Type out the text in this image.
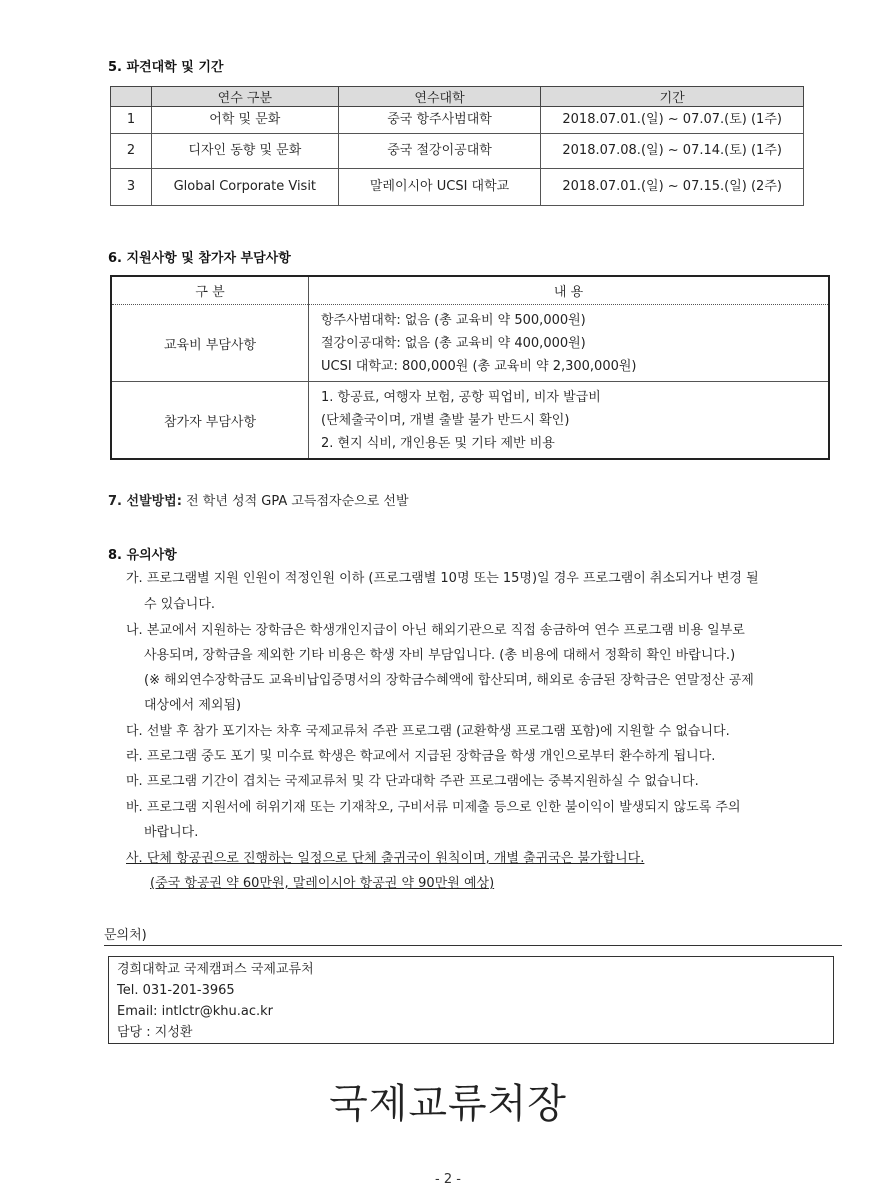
5. 파견대학 및 기간
	연수 구분	연수대학	기간
1	어학 및 문화	중국 항주사범대학	2018.07.01.(일) ~ 07.07.(토) (1주)
2	디자인 동향 및 문화	중국 절강이공대학	2018.07.08.(일) ~ 07.14.(토) (1주)
3	Global Corporate Visit	말레이시아 UCSI 대학교	2018.07.01.(일) ~ 07.15.(일) (2주)
6. 지원사항 및 참가자 부담사항
구 분	내 용
교육비 부담사항	항주사범대학: 없음 (총 교육비 약 500,000원)
절강이공대학: 없음 (총 교육비 약 400,000원)
UCSI 대학교: 800,000원 (총 교육비 약 2,300,000원)

참가자 부담사항	1. 항공료, 여행자 보험, 공항 픽업비, 비자 발급비
(단체출국이며, 개별 출발 불가 반드시 확인)
2. 현지 식비, 개인용돈 및 기타 제반 비용
7. 선발방법: 전 학년 성적 GPA 고득점자순으로 선발
8. 유의사항
가. 프로그램별 지원 인원이 적정인원 이하 (프로그램별 10명 또는 15명)일 경우 프로그램이 취소되거나 변경 될
수 있습니다.
나. 본교에서 지원하는 장학금은 학생개인지급이 아닌 해외기관으로 직접 송금하여 연수 프로그램 비용 일부로
사용되며, 장학금을 제외한 기타 비용은 학생 자비 부담입니다. (총 비용에 대해서 정확히 확인 바랍니다.)
(※ 해외연수장학금도 교육비납입증명서의 장학금수혜액에 합산되며, 해외로 송금된 장학금은 연말정산 공제
대상에서 제외됨)
다. 선발 후 참가 포기자는 차후 국제교류처 주관 프로그램 (교환학생 프로그램 포함)에 지원할 수 없습니다.
라. 프로그램 중도 포기 및 미수료 학생은 학교에서 지급된 장학금을 학생 개인으로부터 환수하게 됩니다.
마. 프로그램 기간이 겹치는 국제교류처 및 각 단과대학 주관 프로그램에는 중복지원하실 수 없습니다.
바. 프로그램 지원서에 허위기재 또는 기재착오, 구비서류 미제출 등으로 인한 불이익이 발생되지 않도록 주의
바랍니다.
사. 단체 항공권으로 진행하는 일정으로 단체 출귀국이 원칙이며, 개별 출귀국은 불가합니다.
(중국 항공권 약 60만원, 말레이시아 항공권 약 90만원 예상)
문의처)
경희대학교 국제캠퍼스 국제교류처
Tel. 031-201-3965
Email: intlctr@khu.ac.kr
담당 : 지성환
국제교류처장
- 2 -
